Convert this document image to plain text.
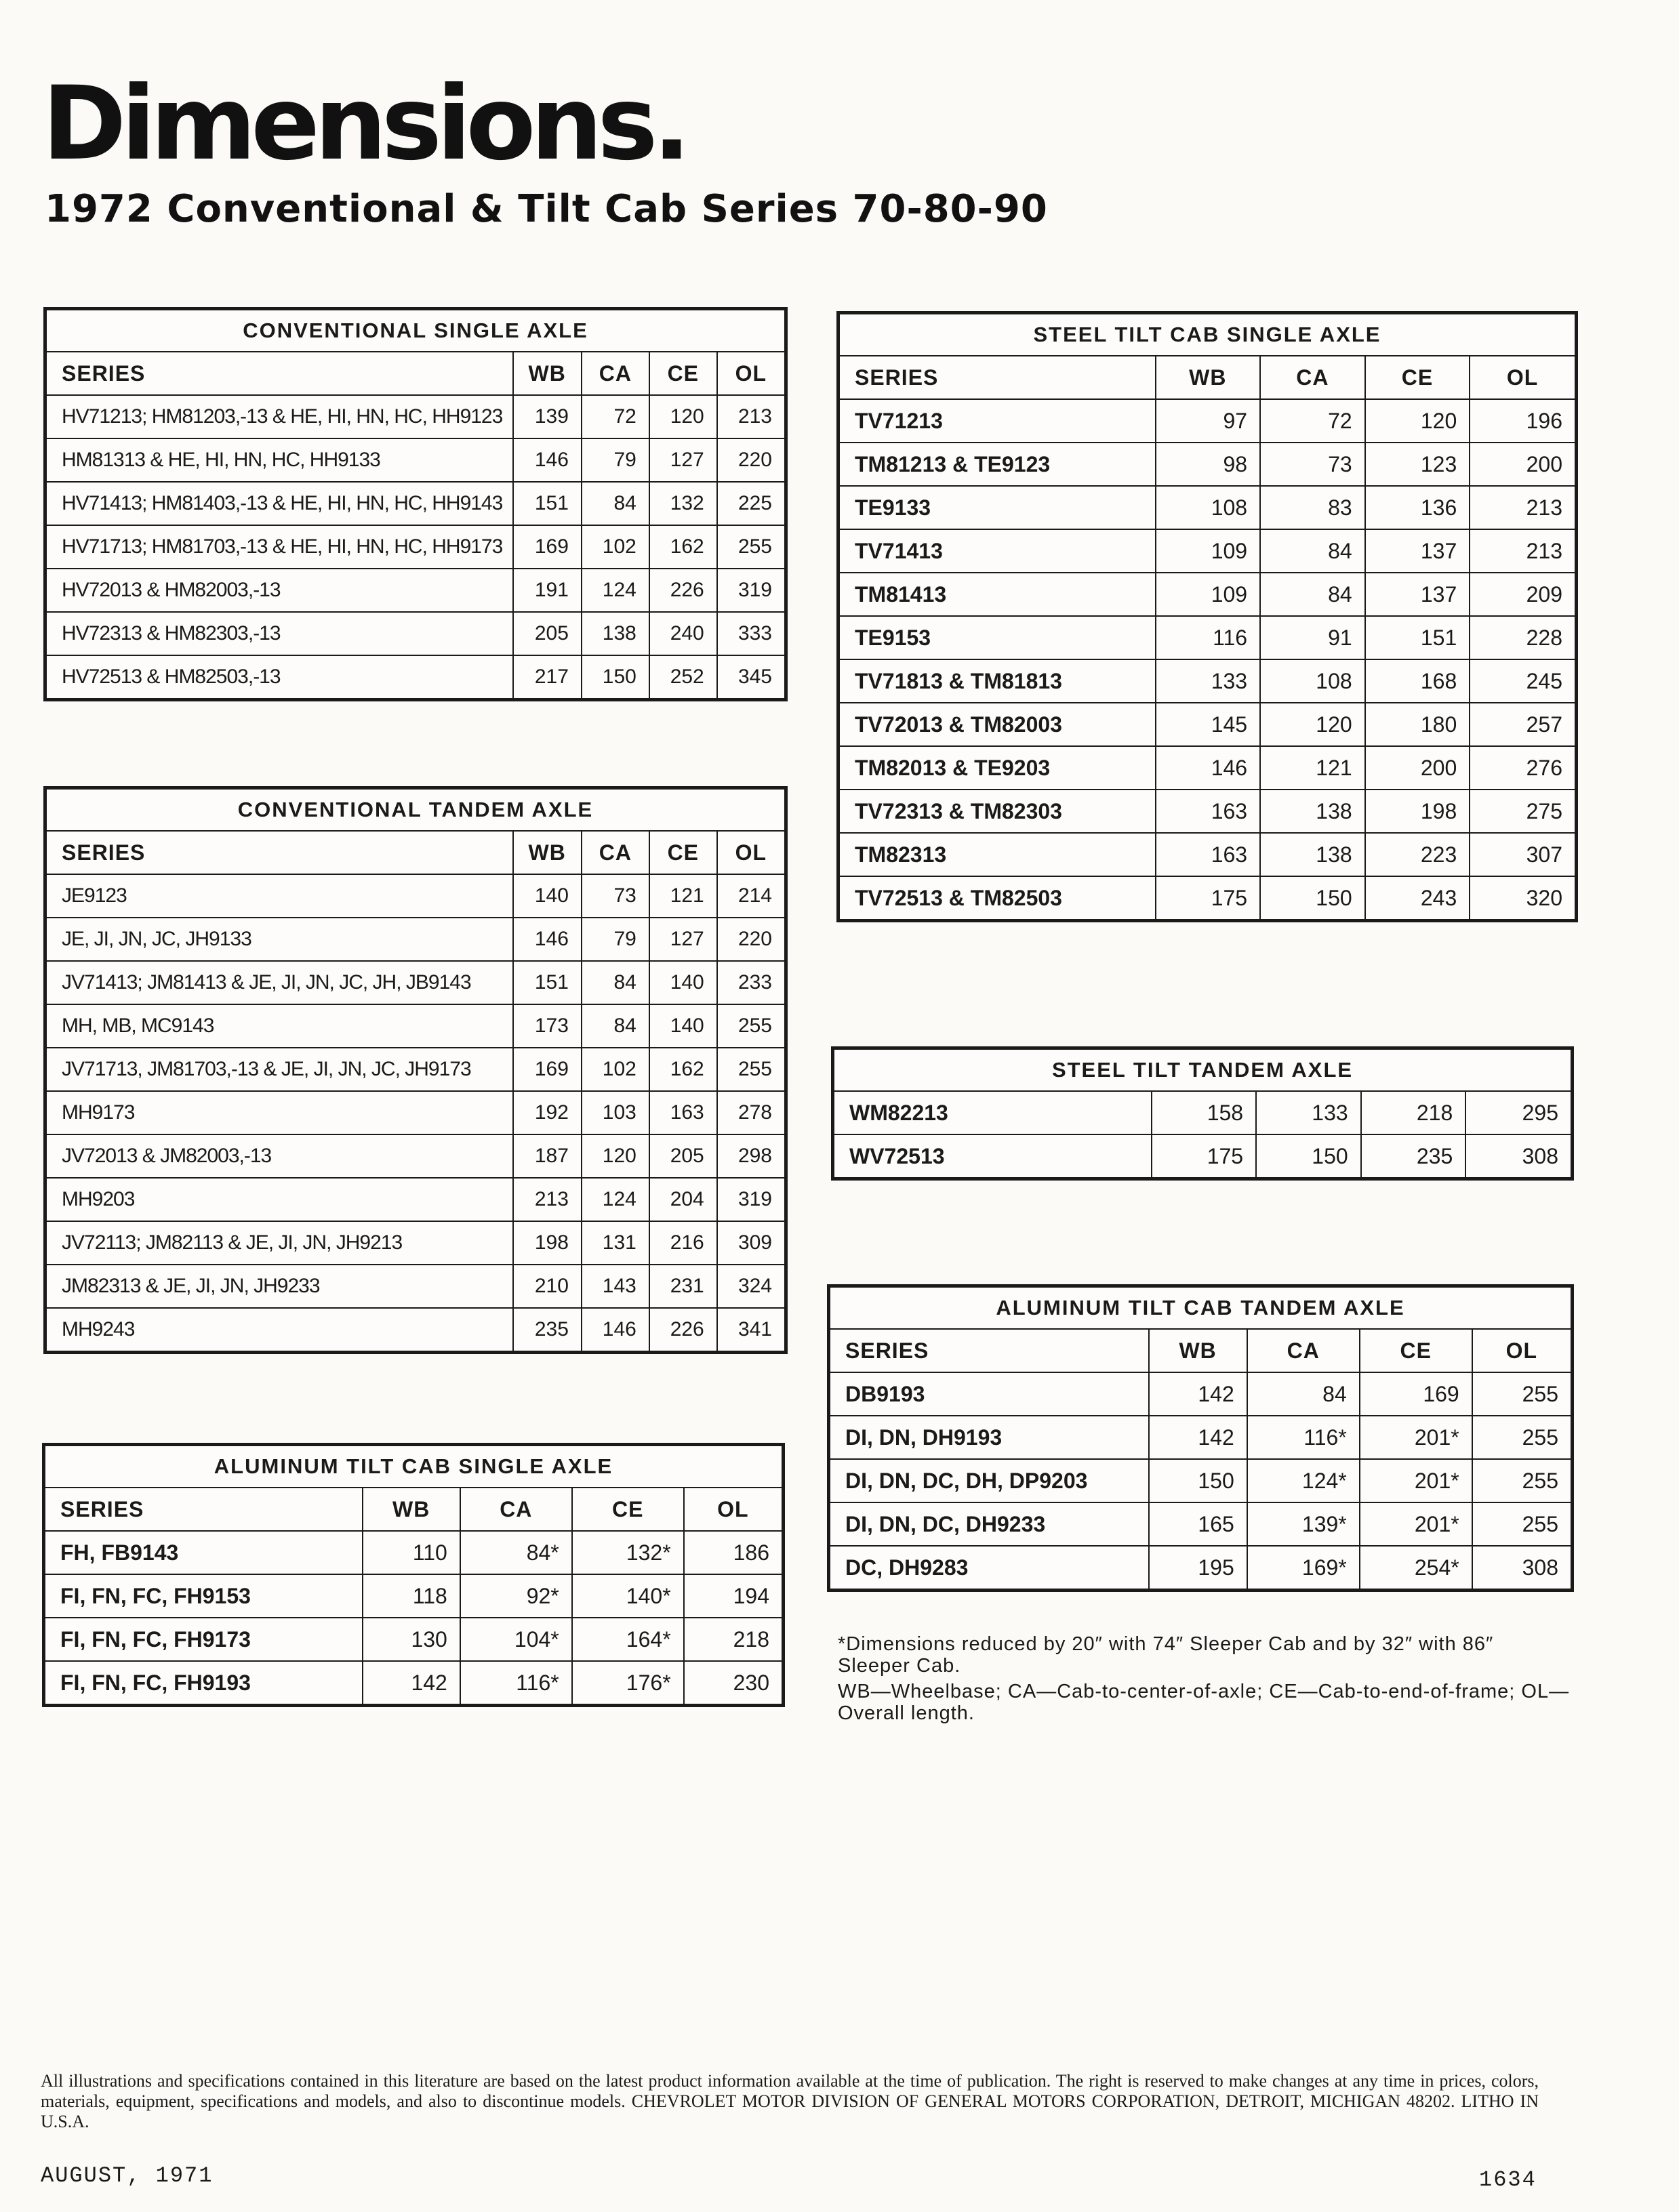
Dimensions.
1972 Conventional & Tilt Cab Series 70-80-90
CONVENTIONAL SINGLE AXLE				
SERIES	WB	CA	CE	OL
HV71213; HM81203,-13 & HE, HI, HN, HC, HH9123	139	72	120	213
HM81313 & HE, HI, HN, HC, HH9133	146	79	127	220
HV71413; HM81403,-13 & HE, HI, HN, HC, HH9143	151	84	132	225
HV71713; HM81703,-13 & HE, HI, HN, HC, HH9173	169	102	162	255
HV72013 & HM82003,-13	191	124	226	319
HV72313 & HM82303,-13	205	138	240	333
HV72513 & HM82503,-13	217	150	252	345
CONVENTIONAL TANDEM AXLE				
SERIES	WB	CA	CE	OL
JE9123	140	73	121	214
JE, JI, JN, JC, JH9133	146	79	127	220
JV71413; JM81413 & JE, JI, JN, JC, JH, JB9143	151	84	140	233
MH, MB, MC9143	173	84	140	255
JV71713, JM81703,-13 & JE, JI, JN, JC, JH9173	169	102	162	255
MH9173	192	103	163	278
JV72013 & JM82003,-13	187	120	205	298
MH9203	213	124	204	319
JV72113; JM82113 & JE, JI, JN, JH9213	198	131	216	309
JM82313 & JE, JI, JN, JH9233	210	143	231	324
MH9243	235	146	226	341
ALUMINUM TILT CAB SINGLE AXLE				
SERIES	WB	CA	CE	OL
FH, FB9143	110	84*	132*	186
FI, FN, FC, FH9153	118	92*	140*	194
FI, FN, FC, FH9173	130	104*	164*	218
FI, FN, FC, FH9193	142	116*	176*	230
STEEL TILT CAB SINGLE AXLE				
SERIES	WB	CA	CE	OL
TV71213	97	72	120	196
TM81213 & TE9123	98	73	123	200
TE9133	108	83	136	213
TV71413	109	84	137	213
TM81413	109	84	137	209
TE9153	116	91	151	228
TV71813 & TM81813	133	108	168	245
TV72013 & TM82003	145	120	180	257
TM82013 & TE9203	146	121	200	276
TV72313 & TM82303	163	138	198	275
TM82313	163	138	223	307
TV72513 & TM82503	175	150	243	320
STEEL TILT TANDEM AXLE				
WM82213	158	133	218	295
WV72513	175	150	235	308
ALUMINUM TILT CAB TANDEM AXLE				
SERIES	WB	CA	CE	OL
DB9193	142	84	169	255
DI, DN, DH9193	142	116*	201*	255
DI, DN, DC, DH, DP9203	150	124*	201*	255
DI, DN, DC, DH9233	165	139*	201*	255
DC, DH9283	195	169*	254*	308

*Dimensions reduced by 20″ with 74″ Sleeper Cab and by 32″ with 86″ Sleeper Cab.

WB—Wheelbase; CA—Cab-to-center-of-axle; CE—Cab-to-end-of-frame; OL—Overall length.

All illustrations and specifications contained in this literature are based on the latest product information available at the time of publication. The right is reserved to make changes at any time in prices, colors, materials, equipment, specifications and models, and also to discontinue models. CHEVROLET MOTOR DIVISION OF GENERAL MOTORS CORPORATION, DETROIT, MICHIGAN 48202. LITHO IN U.S.A.
AUGUST, 1971	1634
